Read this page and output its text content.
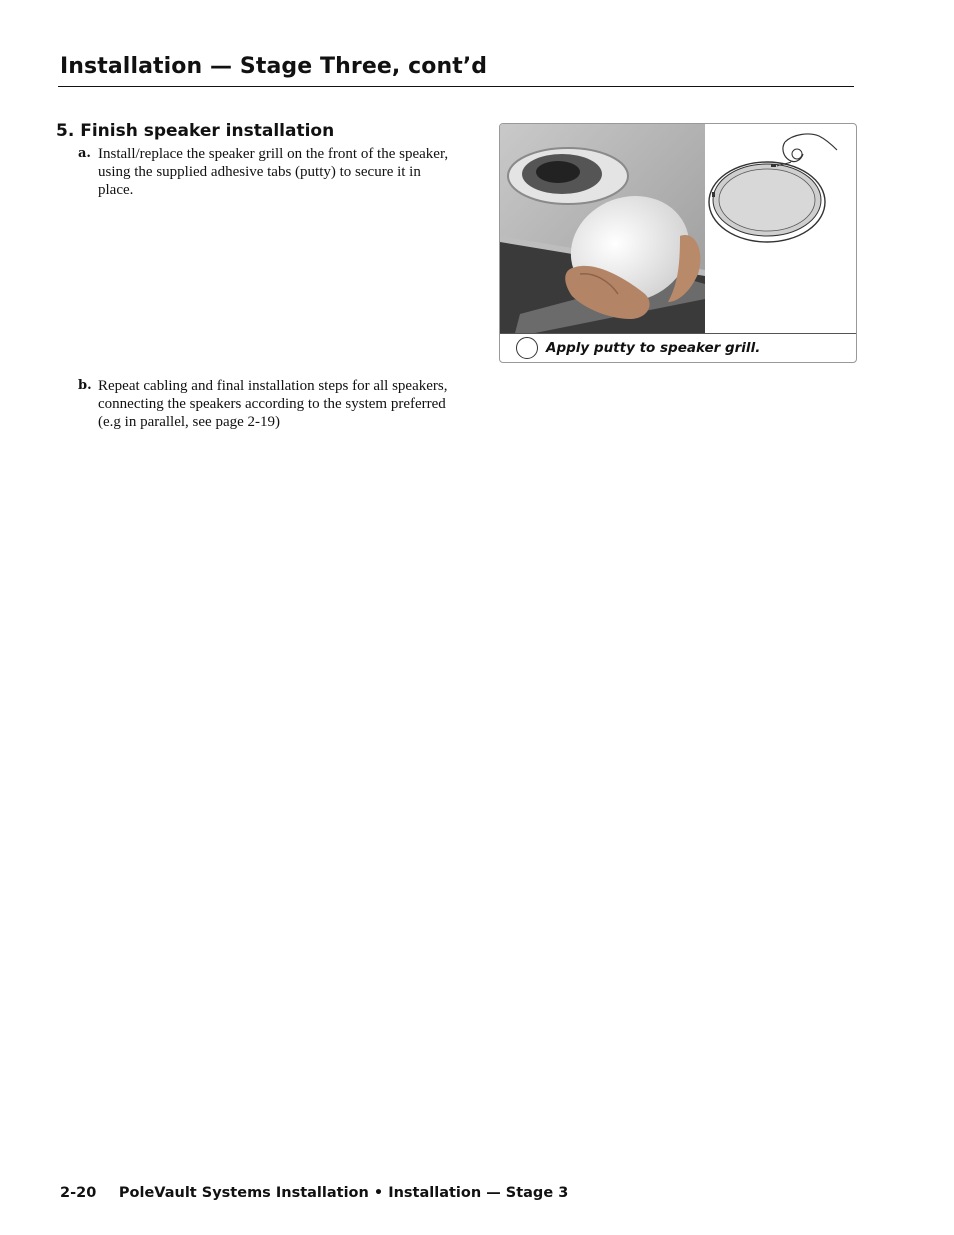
Installation — Stage Three, cont’d
5. Finish speaker installation
a. Install/replace the speaker grill on the front of the speaker, using the supplied adhesive tabs (putty) to secure it in place.
b. Repeat cabling and final installation steps for all speakers, connecting the speakers according to the system preferred (e.g in parallel, see page 2-19)
Apply putty to speaker grill.
2-20 PoleVault Systems Installation • Installation — Stage 3
